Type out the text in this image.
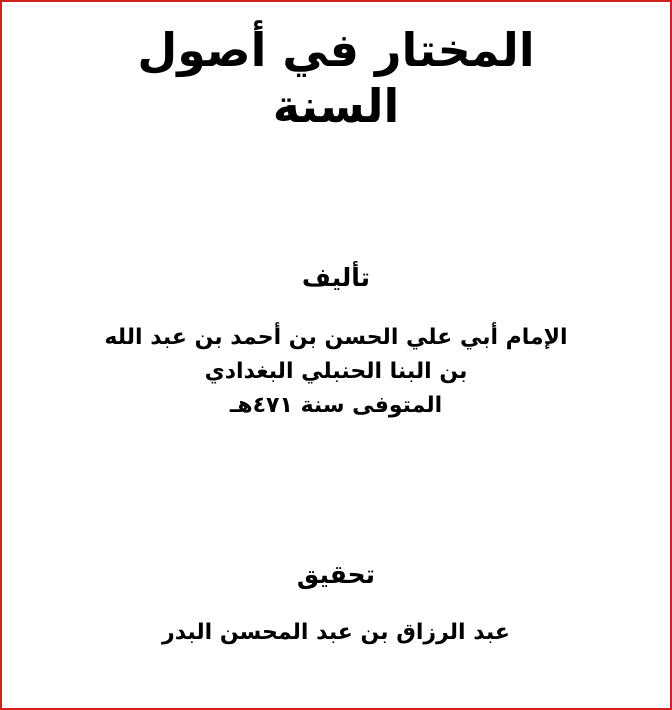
المختار في أصول
السنة
تأليف
الإمام أبي علي الحسن بن أحمد بن عبد الله
بن البنا الحنبلي البغدادي
المتوفى سنة ٤٧١هـ
تحقيق
عبد الرزاق بن عبد المحسن البدر
